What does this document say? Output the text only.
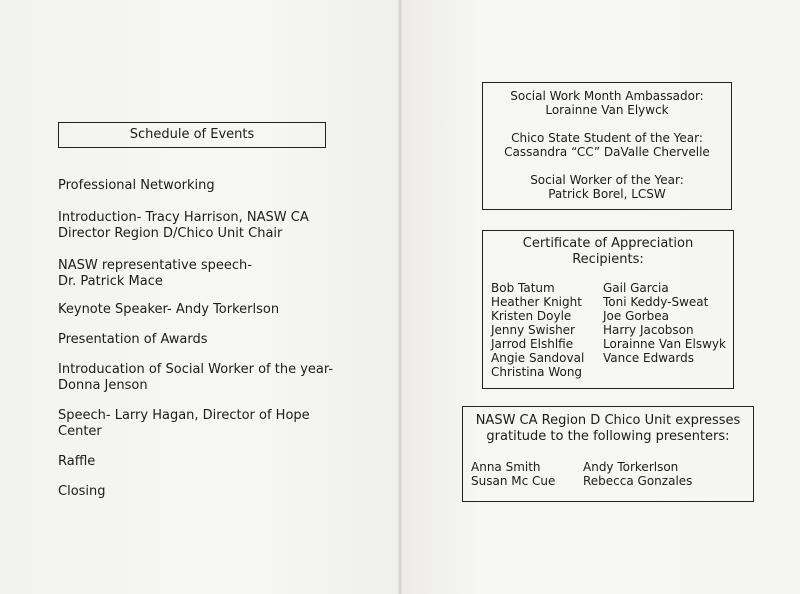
Schedule of Events
Professional Networking
Introduction- Tracy Harrison, NASW CA Director Region D/Chico Unit Chair
NASW representative speech- Dr. Patrick Mace
Keynote Speaker- Andy Torkerlson
Presentation of Awards
Introducation of Social Worker of the year- Donna Jenson
Speech- Larry Hagan, Director of Hope Center
Raffle
Closing
Social Work Month Ambassador:
Lorainne Van Elywck
Chico State Student of the Year:
Cassandra “CC” DaValle Chervelle
Social Worker of the Year:
Patrick Borel, LCSW
Certificate of Appreciation
Recipients:
Bob Tatum
Heather Knight
Kristen Doyle
Jenny Swisher
Jarrod Elshlfie
Angie Sandoval
Christina Wong
Gail Garcia
Toni Keddy-Sweat
Joe Gorbea
Harry Jacobson
Lorainne Van Elswyk
Vance Edwards
NASW CA Region D Chico Unit expresses
gratitude to the following presenters:
Anna Smith
Susan Mc Cue
Andy Torkerlson
Rebecca Gonzales
